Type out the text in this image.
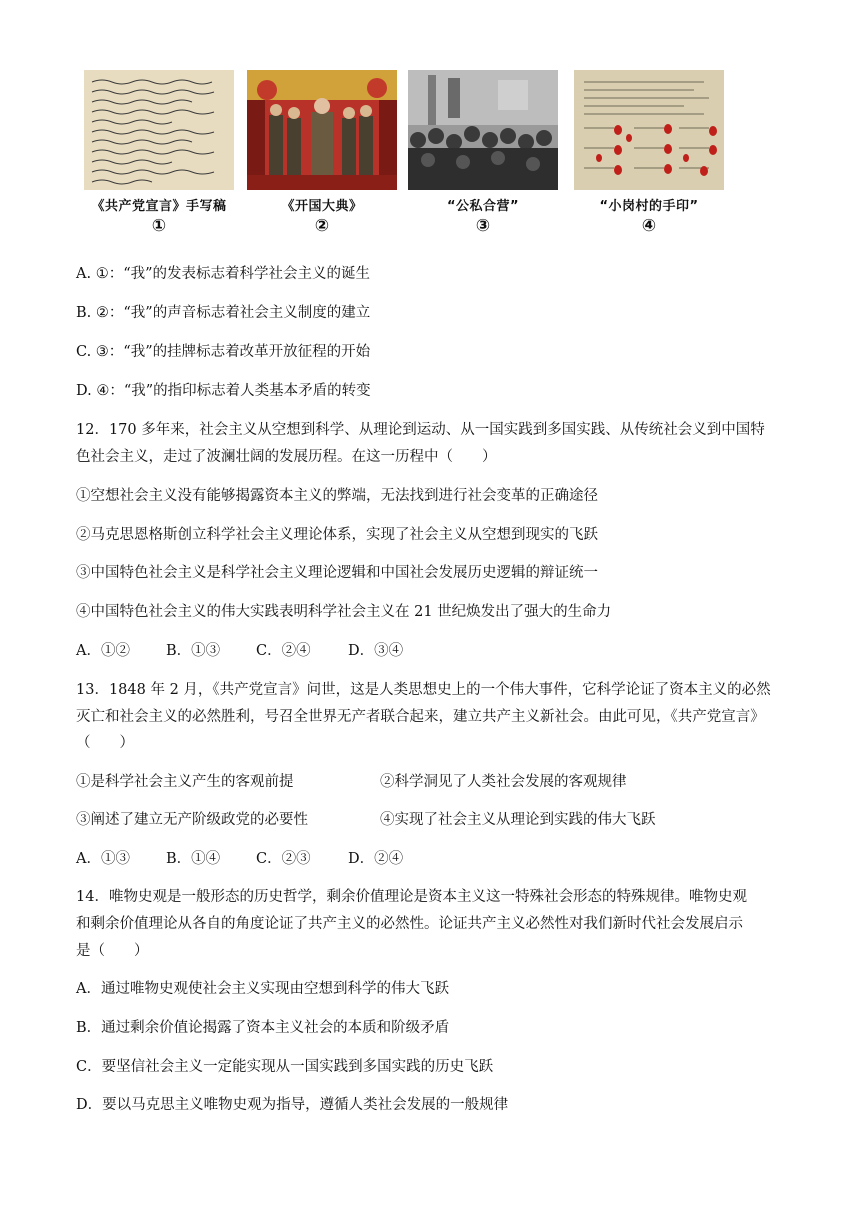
《共产党宣言》手写稿
①
《开国大典》
②
“公私合营”
③
“小岗村的手印”
④
A. ①：“我”的发表标志着科学社会主义的诞生
B. ②：“我”的声音标志着社会主义制度的建立
C. ③：“我”的挂牌标志着改革开放征程的开始
D. ④：“我”的指印标志着人类基本矛盾的转变
12．170 多年来，社会主义从空想到科学、从理论到运动、从一国实践到多国实践、从传统社会义到中国特
色社会主义，走过了波澜壮阔的发展历程。在这一历程中（　　）
①空想社会主义没有能够揭露资本主义的弊端，无法找到进行社会变革的正确途径
②马克思恩格斯创立科学社会主义理论体系，实现了社会主义从空想到现实的飞跃
③中国特色社会主义是科学社会主义理论逻辑和中国社会发展历史逻辑的辩证统一
④中国特色社会主义的伟大实践表明科学社会主义在 21 世纪焕发出了强大的生命力
A．①② B．①③ C．②④	D．③④
13．1848 年 2 月，《共产党宣言》问世，这是人类思想史上的一个伟大事件，它科学论证了资本主义的必然
灭亡和社会主义的必然胜利，号召全世界无产者联合起来，建立共产主义新社会。由此可见，《共产党宣言》
（　　）
①是科学社会主义产生的客观前提	②科学洞见了人类社会发展的客观规律
③阐述了建立无产阶级政党的必要性	④实现了社会主义从理论到实践的伟大飞跃
A．①③ B．①④ C．②③	D．②④
14．唯物史观是一般形态的历史哲学，剩余价值理论是资本主义这一特殊社会形态的特殊规律。唯物史观
和剩余价值理论从各自的角度论证了共产主义的必然性。论证共产主义必然性对我们新时代社会发展启示
是（　　）
A．通过唯物史观使社会主义实现由空想到科学的伟大飞跃
B．通过剩余价值论揭露了资本主义社会的本质和阶级矛盾
C．要坚信社会主义一定能实现从一国实践到多国实践的历史飞跃
D．要以马克思主义唯物史观为指导，遵循人类社会发展的一般规律
